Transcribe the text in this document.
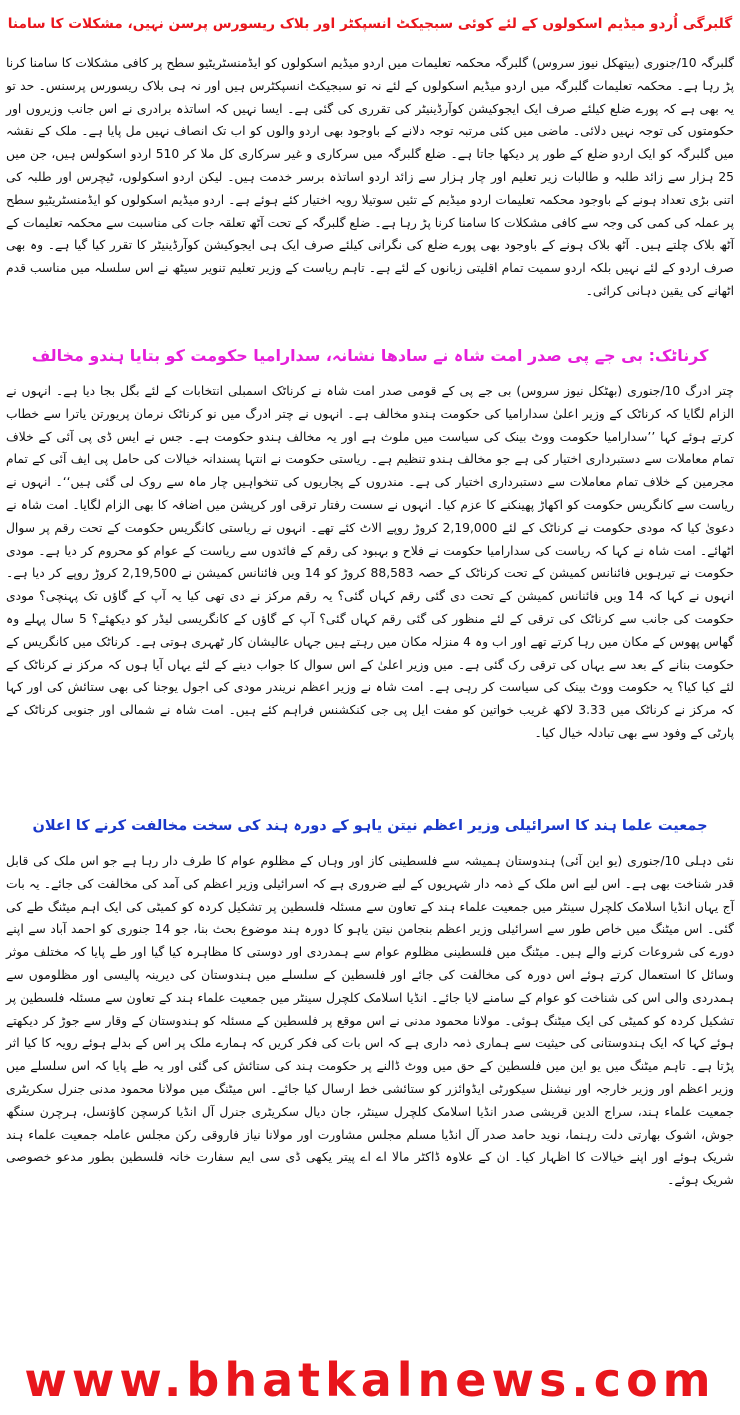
گلبرگی اُردو میڈیم اسکولوں کے لئے کوئی سبجیکٹ انسپکٹر اور بلاک ریسورس پرسن نہیں، مشکلات کا سامنا

گلبرگہ 10/جنوری (بیتھکل نیوز سروس) گلبرگہ محکمہ تعلیمات میں اردو میڈیم اسکولوں کو ایڈمنسٹریٹیو سطح پر کافی مشکلات کا سامنا کرنا پڑ رہا ہے۔ محکمہ تعلیمات گلبرگہ میں اردو میڈیم اسکولوں کے لئے نہ تو سبجیکٹ انسپکٹرس ہیں اور نہ ہی بلاک ریسورس پرسنس۔ حد تو یہ بھی ہے کہ پورے ضلع کیلئے صرف ایک ایجوکیشن کوآرڈینیٹر کی تقرری کی گئی ہے۔ ایسا نہیں کہ اساتذہ برادری نے اس جانب وزیروں اور حکومتوں کی توجہ نہیں دلائی۔ ماضی میں کئی مرتبہ توجہ دلانے کے باوجود بھی اردو والوں کو اب تک انصاف نہیں مل پایا ہے۔ ملک کے نقشہ میں گلبرگہ کو ایک اردو ضلع کے طور پر دیکھا جاتا ہے۔ ضلع گلبرگہ میں سرکاری و غیر سرکاری کل ملا کر 510 اردو اسکولس ہیں، جن میں 25 ہزار سے زائد طلبہ و طالبات زیر تعلیم اور چار ہزار سے زائد اردو اساتذہ برسر خدمت ہیں۔ لیکن اردو اسکولوں، ٹیچرس اور طلبہ کی اتنی بڑی تعداد ہونے کے باوجود محکمہ تعلیمات اردو میڈیم کے تئیں سوتیلا رویہ اختیار کئے ہوئے ہے۔ اردو میڈیم اسکولوں کو ایڈمنسٹریٹیو سطح پر عملہ کی کمی کی وجہ سے کافی مشکلات کا سامنا کرنا پڑ رہا ہے۔ ضلع گلبرگہ کے تحت آٹھ تعلقہ جات کی مناسبت سے محکمہ تعلیمات کے آٹھ بلاک چلتے ہیں۔ آٹھ بلاک ہونے کے باوجود بھی پورے ضلع کی نگرانی کیلئے صرف ایک ہی ایجوکیشن کوآرڈینیٹر کا تقرر کیا گیا ہے۔ وہ بھی صرف اردو کے لئے نہیں بلکہ اردو سمیت تمام اقلیتی زبانوں کے لئے ہے۔ تاہم ریاست کے وزیر تعلیم تنویر سیٹھ نے اس سلسلہ میں مناسب قدم اٹھانے کی یقین دہانی کرائی۔

کرناٹک: بی جے پی صدر امت شاہ نے سادھا نشانہ، سدارامیا حکومت کو بتایا ہندو مخالف

چتر ادرگ 10/جنوری (بھٹکل نیوز سروس) بی جے پی کے قومی صدر امت شاہ نے کرناٹک اسمبلی انتخابات کے لئے بگل بجا دیا ہے۔ انہوں نے الزام لگایا کہ کرناٹک کے وزیر اعلیٰ سدارامیا کی حکومت ہندو مخالف ہے۔ انہوں نے چتر ادرگ میں نو کرناٹک نرمان پریورتن یاترا سے خطاب کرتے ہوئے کہا ’’سدارامیا حکومت ووٹ بینک کی سیاست میں ملوث ہے اور یہ مخالف ہندو حکومت ہے۔ جس نے ایس ڈی پی آئی کے خلاف تمام معاملات سے دستبرداری اختیار کی ہے جو مخالف ہندو تنظیم ہے۔ ریاستی حکومت نے انتہا پسندانہ خیالات کی حامل پی ایف آئی کے تمام مجرمین کے خلاف تمام معاملات سے دستبرداری اختیار کی ہے۔ مندروں کے پجاریوں کی تنخواہیں چار ماہ سے روک لی گئی ہیں‘‘۔ انہوں نے ریاست سے کانگریس حکومت کو اکھاڑ پھینکنے کا عزم کیا۔ انہوں نے سست رفتار ترقی اور کرپشن میں اضافہ کا بھی الزام لگایا۔ امت شاہ نے دعویٰ کیا کہ مودی حکومت نے کرناٹک کے لئے 2,19,000 کروڑ روپے الاٹ کئے تھے۔ انہوں نے ریاستی کانگریس حکومت کے تحت رقم پر سوال اٹھائے۔ امت شاہ نے کہا کہ ریاست کی سدارامیا حکومت نے فلاح و بہبود کی رقم کے فائدوں سے ریاست کے عوام کو محروم کر دیا ہے۔ مودی حکومت نے تیرہویں فائنانس کمیشن کے تحت کرناٹک کے حصہ 88,583 کروڑ کو 14 ویں فائنانس کمیشن نے 2,19,500 کروڑ روپے کر دیا ہے۔ انہوں نے کہا کہ 14 ویں فائنانس کمیشن کے تحت دی گئی رقم کہاں گئی؟ یہ رقم مرکز نے دی تھی کیا یہ آپ کے گاؤں تک پہنچی؟ مودی حکومت کی جانب سے کرناٹک کی ترقی کے لئے منظور کی گئی رقم کہاں گئی؟ آپ کے گاؤں کے کانگریسی لیڈر کو دیکھئے؟ 5 سال پہلے وہ گھاس پھوس کے مکان میں رہا کرتے تھے اور اب وہ 4 منزلہ مکان میں رہتے ہیں جہاں عالیشان کار ٹھہری ہوتی ہے۔ کرناٹک میں کانگریس کے حکومت بنانے کے بعد سے یہاں کی ترقی رک گئی ہے۔ میں وزیر اعلیٰ کے اس سوال کا جواب دینے کے لئے یہاں آیا ہوں کہ مرکز نے کرناٹک کے لئے کیا کیا؟ یہ حکومت ووٹ بینک کی سیاست کر رہی ہے۔ امت شاہ نے وزیر اعظم نریندر مودی کی اجول یوجنا کی بھی ستائش کی اور کہا کہ مرکز نے کرناٹک میں 3.33 لاکھ غریب خواتین کو مفت ایل پی جی کنکشنس فراہم کئے ہیں۔ امت شاہ نے شمالی اور جنوبی کرناٹک کے پارٹی کے وفود سے بھی تبادلہ خیال کیا۔

جمعیت علما ہند کا اسرائیلی وزیر اعظم نیتن یاہو کے دورہ ہند کی سخت مخالفت کرنے کا اعلان

نئی دہلی 10/جنوری (یو این آئی) ہندوستان ہمیشہ سے فلسطینی کاز اور وہاں کے مظلوم عوام کا طرف دار رہا ہے جو اس ملک کی قابل قدر شناخت بھی ہے۔ اس لیے اس ملک کے ذمہ دار شہریوں کے لیے ضروری ہے کہ اسرائیلی وزیر اعظم کی آمد کی مخالفت کی جائے۔ یہ بات آج یہاں انڈیا اسلامک کلچرل سینٹر میں جمعیت علماء ہند کے تعاون سے مسئلہ فلسطین پر تشکیل کردہ کو کمیٹی کی ایک اہم میٹنگ طے کی گئی۔ اس میٹنگ میں خاص طور سے اسرائیلی وزیر اعظم بنجامن نیتن یاہو کا دورہ ہند موضوع بحث بنا، جو 14 جنوری کو احمد آباد سے اپنے دورے کی شروعات کرنے والے ہیں۔ میٹنگ میں فلسطینی مظلوم عوام سے ہمدردی اور دوستی کا مظاہرہ کیا گیا اور طے پایا کہ مختلف موثر وسائل کا استعمال کرتے ہوئے اس دورہ کی مخالفت کی جائے اور فلسطین کے سلسلے میں ہندوستان کی دیرینہ پالیسی اور مظلوموں سے ہمدردی والی اس کی شناخت کو عوام کے سامنے لایا جائے۔ انڈیا اسلامک کلچرل سینٹر میں جمعیت علماء ہند کے تعاون سے مسئلہ فلسطین پر تشکیل کردہ کو کمیٹی کی ایک میٹنگ ہوئی۔ مولانا محمود مدنی نے اس موقع پر فلسطین کے مسئلہ کو ہندوستان کے وقار سے جوڑ کر دیکھتے ہوئے کہا کہ ایک ہندوستانی کی حیثیت سے ہماری ذمہ داری ہے کہ اس بات کی فکر کریں کہ ہمارے ملک پر اس کے بدلے ہوئے رویہ کا کیا اثر پڑتا ہے۔ تاہم میٹنگ میں یو این میں فلسطین کے حق میں ووٹ ڈالنے پر حکومت ہند کی ستائش کی گئی اور یہ طے پایا کہ اس سلسلے میں وزیر اعظم اور وزیر خارجہ اور نیشنل سیکورٹی ایڈوائزر کو ستائشی خط ارسال کیا جائے۔ اس میٹنگ میں مولانا محمود مدنی جنرل سکریٹری جمعیت علماء ہند، سراج الدین قریشی صدر انڈیا اسلامک کلچرل سینٹر، جان دیال سکریٹری جنرل آل انڈیا کرسچن کاؤنسل، ہرچرن سنگھ جوش، اشوک بھارتی دلت رہنما، نوید حامد صدر آل انڈیا مسلم مجلس مشاورت اور مولانا نیاز فاروقی رکن مجلس عاملہ جمعیت علماء ہند شریک ہوئے اور اپنے خیالات کا اظہار کیا۔ ان کے علاوہ ڈاکٹر مالا اے اے پیتر یکھی ڈی سی ایم سفارت خانہ فلسطین بطور مدعو خصوصی شریک ہوئے۔

www.bhatkalnews.com
